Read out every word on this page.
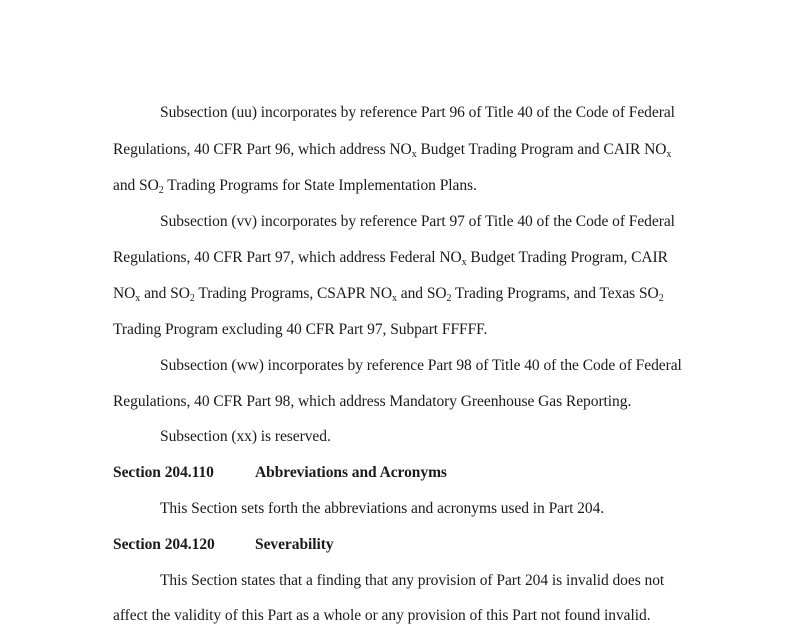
Subsection (uu) incorporates by reference Part 96 of Title 40 of the Code of Federal
Regulations, 40 CFR Part 96, which address $NO_x$ Budget Trading Program and CAIR $NO_x$
and $SO_2$ Trading Programs for State Implementation Plans.
Subsection (vv) incorporates by reference Part 97 of Title 40 of the Code of Federal
Regulations, 40 CFR Part 97, which address Federal $NO_x$ Budget Trading Program, CAIR
$NO_x$ and $SO_2$ Trading Programs, CSAPR $NO_x$ and $SO_2$ Trading Programs, and Texas $SO_2$
Trading Program excluding 40 CFR Part 97, Subpart FFFFF.
Subsection (ww) incorporates by reference Part 98 of Title 40 of the Code of Federal
Regulations, 40 CFR Part 98, which address Mandatory Greenhouse Gas Reporting.
Subsection (xx) is reserved.
Section 204.110	Abbreviations and Acronyms
This Section sets forth the abbreviations and acronyms used in Part 204.
Section 204.120	Severability
This Section states that a finding that any provision of Part 204 is invalid does not
affect the validity of this Part as a whole or any provision of this Part not found invalid.
